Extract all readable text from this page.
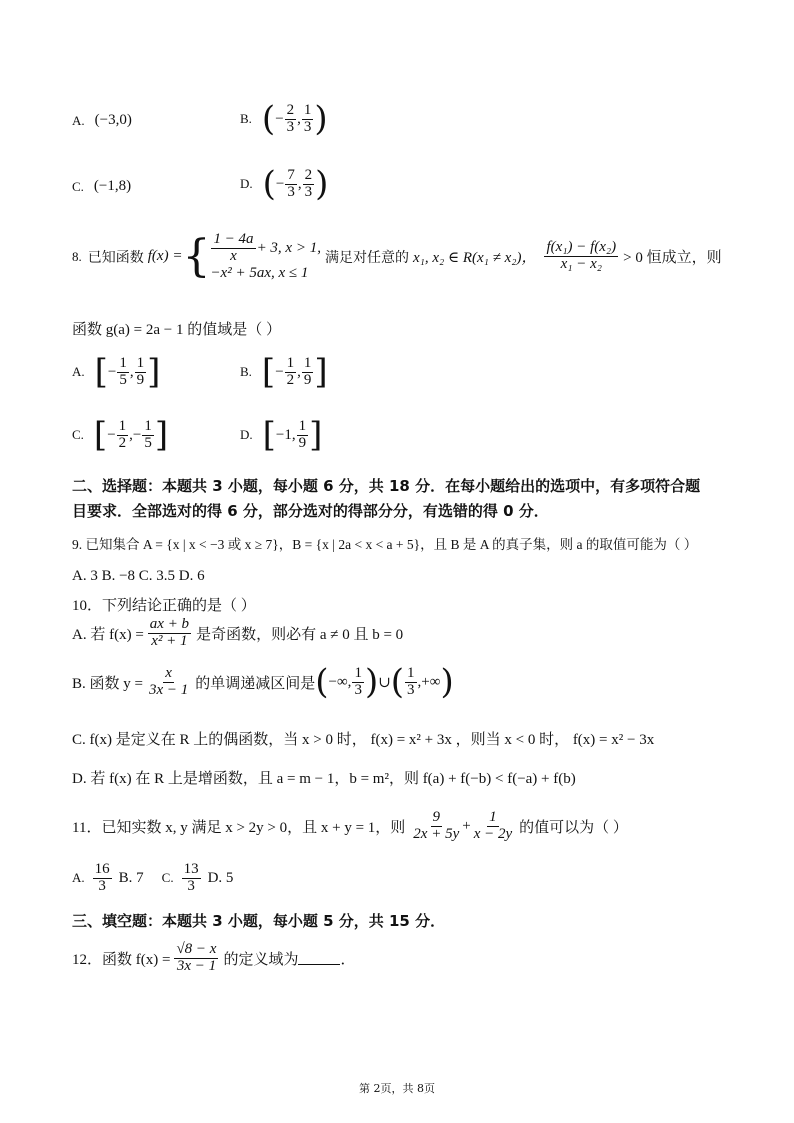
A. (−3,0)	B. ( − $\frac{2}{3}$ , $\frac{1}{3}$ )
C. (−1,8)	D. ( − $\frac{7}{3}$ , $\frac{2}{3}$ )
8. 已知函数 f(x) = { $\frac{1 - 4a}{x} + 3$, x > 1,
−x² + 5ax, x ≤ 1
满足对任意的 x₁, x₂ ∈ R(x₁ ≠ x₂)， $\frac{\text{f(x₁) − f(x₂)}}{\text{x₁ − x₂}} > 0$ 恒成立，则
函数 g(a) = 2a − 1 的值域是（ ）
A. [ − $\frac{1}{5}$ , $\frac{1}{9}$ ]	B. [ − $\frac{1}{2}$ , $\frac{1}{9}$ ]
C. [ − $\frac{1}{2}$ ,− $\frac{1}{5}$ ]	D. [ −1, $\frac{1}{9}$ ]
二、选择题：本题共 3 小题，每小题 6 分，共 18 分．在每小题给出的选项中，有多项符合题
目要求．全部选对的得 6 分，部分选对的得部分分，有选错的得 0 分．
9. 已知集合 A = {x | x < −3 或 x ≥ 7}，B = {x | 2a < x < a + 5}，且 B 是 A 的真子集，则 a 的取值可能为（ ）
A. 3 B. −8 C. 3.5 D. 6
10．下列结论正确的是（ ）
A. 若 $f(x) = \frac{ax + b}{\text{x² + 1}}$ 是奇函数，则必有 a ≠ 0 且 b = 0
B. 函数 $y = \frac{x}{3x - 1}$ 的单调递减区间是 ( −∞, $\frac{1}{3}$ ) ∪ ( $\frac{1}{3}$ ,+∞ )
C. f(x) 是定义在 R 上的偶函数，当 x > 0 时， f(x) = x² + 3x ，则当 x < 0 时， f(x) = x² − 3x
D. 若 f(x) 在 R 上是增函数，且 a = m − 1，b = m²，则 f(a) + f(−b) < f(−a) + f(b)
11．已知实数 x, y 满足 x > 2y > 0，且 x + y = 1，则 $\frac{9}{2x + 5y} + \frac{1}{x - 2y}$ 的值可以为（ ）
A. $\frac{16}{3} B$. 7 C. $\frac{13}{3} D$. 5
三、填空题：本题共 3 小题，每小题 5 分，共 15 分．
12．函数 $f(x) = \frac{√8 - x}{3x - 1}$ 的定义域为	．
第 2页，共 8页
